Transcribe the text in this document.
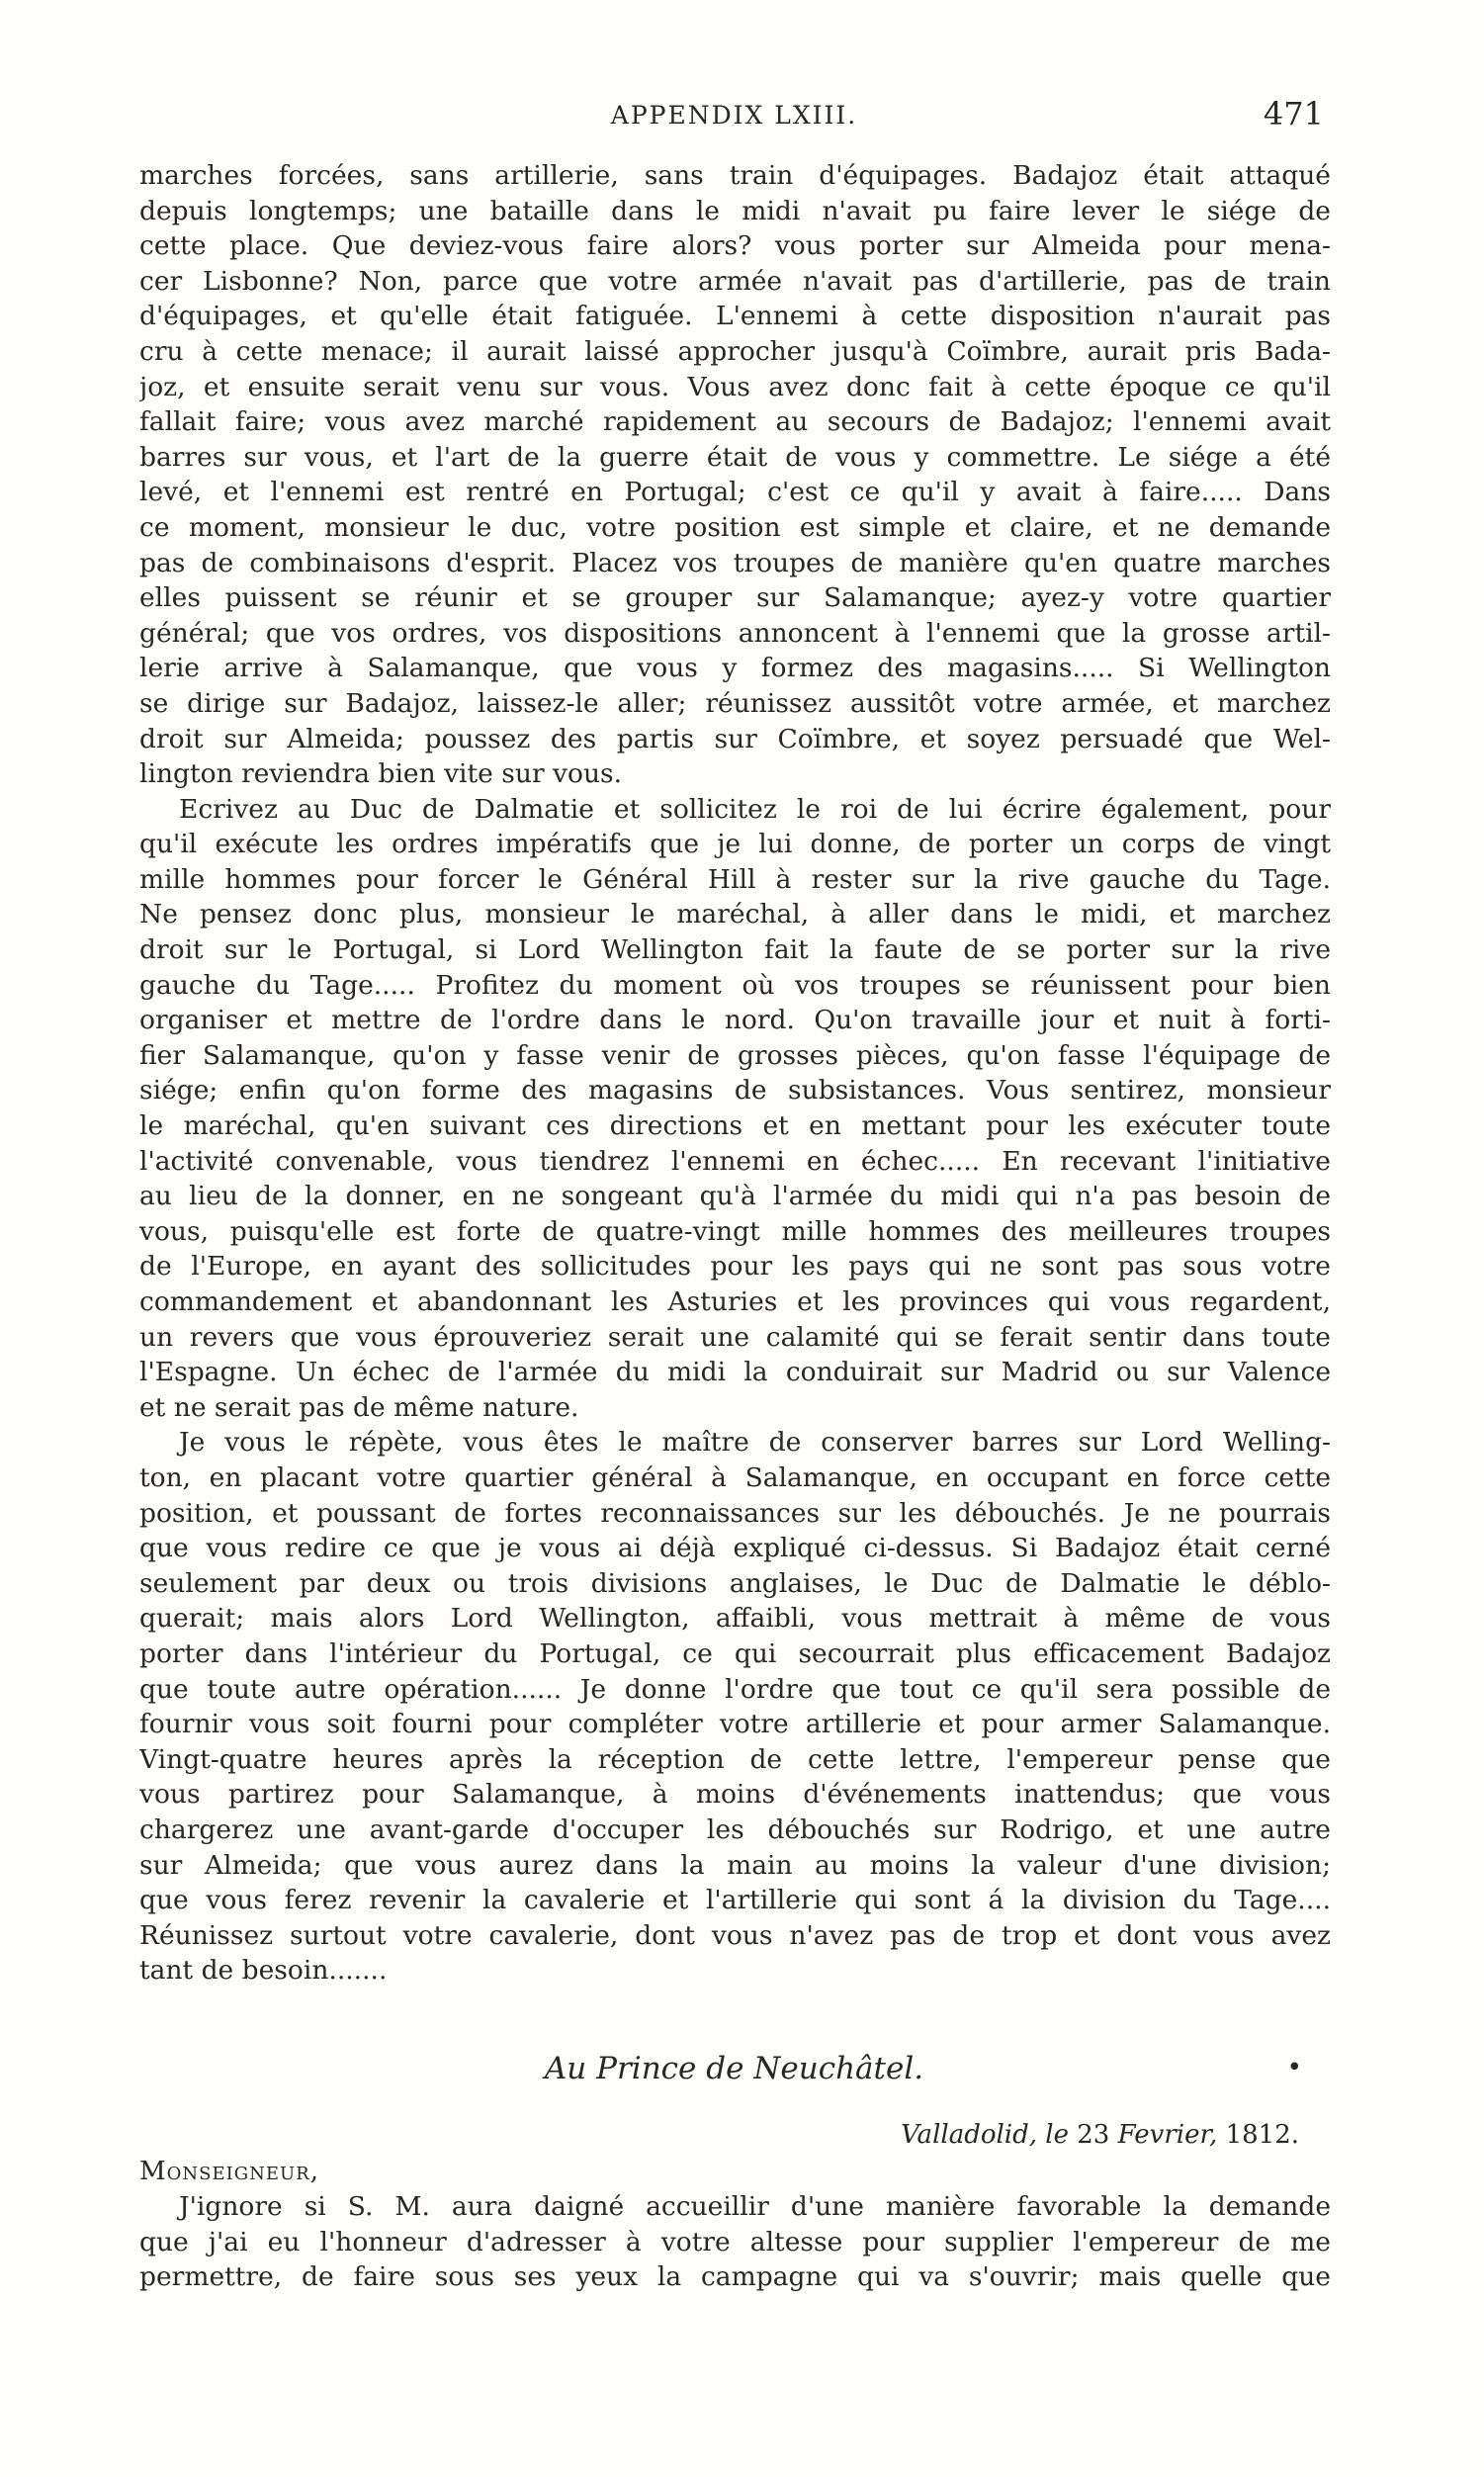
APPENDIX LXIII.	471
marches forcées, sans artillerie, sans train d'équipages. Badajoz était attaqué
depuis longtemps; une bataille dans le midi n'avait pu faire lever le siége de
cette place. Que deviez-vous faire alors? vous porter sur Almeida pour mena-
cer Lisbonne? Non, parce que votre armée n'avait pas d'artillerie, pas de train
d'équipages, et qu'elle était fatiguée. L'ennemi à cette disposition n'aurait pas
cru à cette menace; il aurait laissé approcher jusqu'à Coïmbre, aurait pris Bada-
joz, et ensuite serait venu sur vous. Vous avez donc fait à cette époque ce qu'il
fallait faire; vous avez marché rapidement au secours de Badajoz; l'ennemi avait
barres sur vous, et l'art de la guerre était de vous y commettre. Le siége a été
levé, et l'ennemi est rentré en Portugal; c'est ce qu'il y avait à faire..... Dans
ce moment, monsieur le duc, votre position est simple et claire, et ne demande
pas de combinaisons d'esprit. Placez vos troupes de manière qu'en quatre marches
elles puissent se réunir et se grouper sur Salamanque; ayez-y votre quartier
général; que vos ordres, vos dispositions annoncent à l'ennemi que la grosse artil-
lerie arrive à Salamanque, que vous y formez des magasins..... Si Wellington
se dirige sur Badajoz, laissez-le aller; réunissez aussitôt votre armée, et marchez
droit sur Almeida; poussez des partis sur Coïmbre, et soyez persuadé que Wel-
lington reviendra bien vite sur vous.
Ecrivez au Duc de Dalmatie et sollicitez le roi de lui écrire également, pour
qu'il exécute les ordres impératifs que je lui donne, de porter un corps de vingt
mille hommes pour forcer le Général Hill à rester sur la rive gauche du Tage.
Ne pensez donc plus, monsieur le maréchal, à aller dans le midi, et marchez
droit sur le Portugal, si Lord Wellington fait la faute de se porter sur la rive
gauche du Tage..... Profitez du moment où vos troupes se réunissent pour bien
organiser et mettre de l'ordre dans le nord. Qu'on travaille jour et nuit à forti-
fier Salamanque, qu'on y fasse venir de grosses pièces, qu'on fasse l'équipage de
siége; enfin qu'on forme des magasins de subsistances. Vous sentirez, monsieur
le maréchal, qu'en suivant ces directions et en mettant pour les exécuter toute
l'activité convenable, vous tiendrez l'ennemi en échec..... En recevant l'initiative
au lieu de la donner, en ne songeant qu'à l'armée du midi qui n'a pas besoin de
vous, puisqu'elle est forte de quatre-vingt mille hommes des meilleures troupes
de l'Europe, en ayant des sollicitudes pour les pays qui ne sont pas sous votre
commandement et abandonnant les Asturies et les provinces qui vous regardent,
un revers que vous éprouveriez serait une calamité qui se ferait sentir dans toute
l'Espagne. Un échec de l'armée du midi la conduirait sur Madrid ou sur Valence
et ne serait pas de même nature.
Je vous le répète, vous êtes le maître de conserver barres sur Lord Welling-
ton, en placant votre quartier général à Salamanque, en occupant en force cette
position, et poussant de fortes reconnaissances sur les débouchés. Je ne pourrais
que vous redire ce que je vous ai déjà expliqué ci-dessus. Si Badajoz était cerné
seulement par deux ou trois divisions anglaises, le Duc de Dalmatie le déblo-
querait; mais alors Lord Wellington, affaibli, vous mettrait à même de vous
porter dans l'intérieur du Portugal, ce qui secourrait plus efficacement Badajoz
que toute autre opération...... Je donne l'ordre que tout ce qu'il sera possible de
fournir vous soit fourni pour compléter votre artillerie et pour armer Salamanque.
Vingt-quatre heures après la réception de cette lettre, l'empereur pense que
vous partirez pour Salamanque, à moins d'événements inattendus; que vous
chargerez une avant-garde d'occuper les débouchés sur Rodrigo, et une autre
sur Almeida; que vous aurez dans la main au moins la valeur d'une division;
que vous ferez revenir la cavalerie et l'artillerie qui sont á la division du Tage....
Réunissez surtout votre cavalerie, dont vous n'avez pas de trop et dont vous avez
tant de besoin.......
Au Prince de Neuchâtel.	•
Valladolid, le 23 Fevrier, 1812.
Monseigneur,
J'ignore si S. M. aura daigné accueillir d'une manière favorable la demande
que j'ai eu l'honneur d'adresser à votre altesse pour supplier l'empereur de me
permettre, de faire sous ses yeux la campagne qui va s'ouvrir; mais quelle que
